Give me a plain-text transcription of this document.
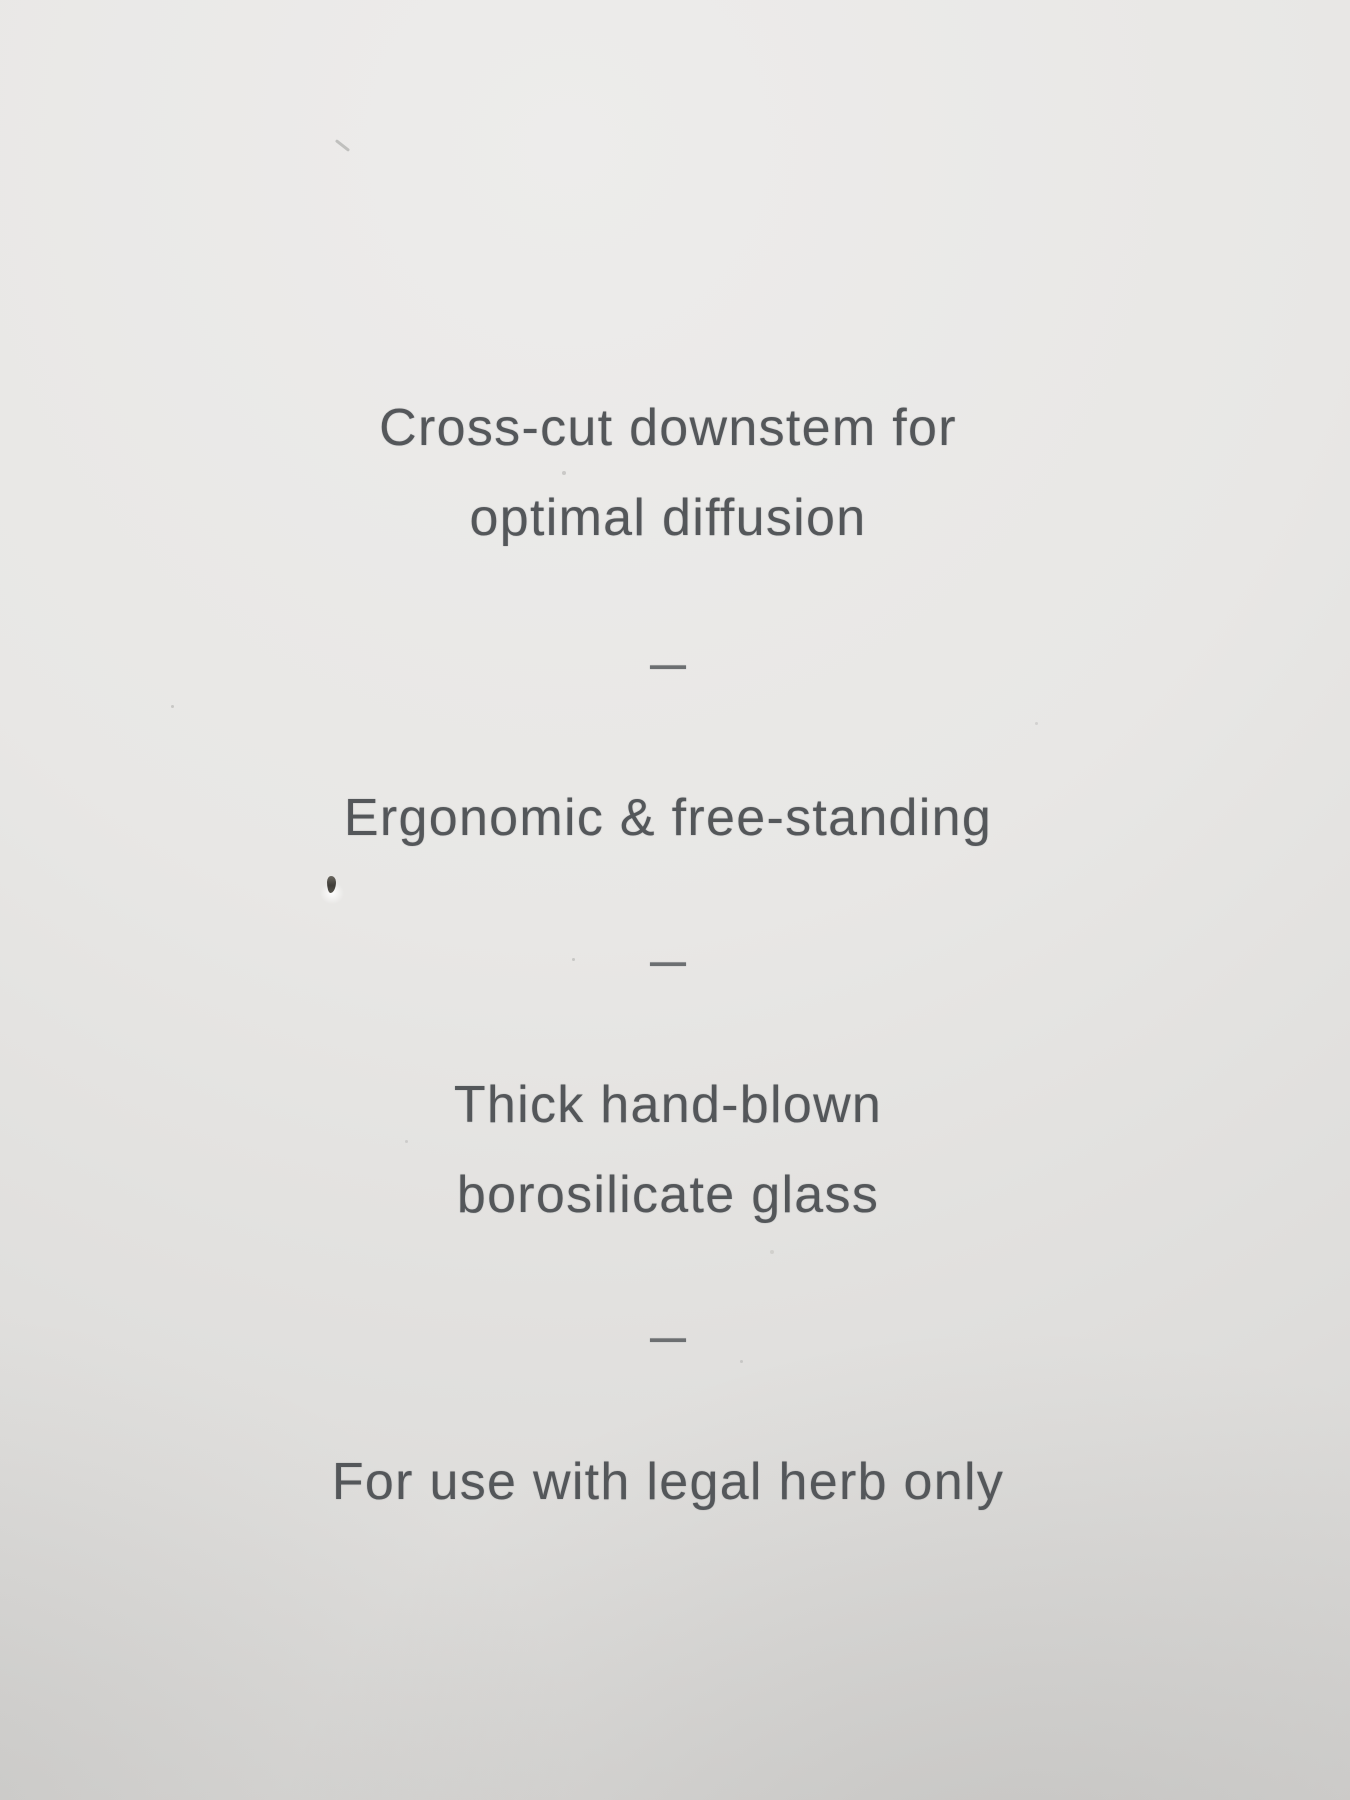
Cross-cut downstem for

optimal diffusion

—

Ergonomic & free-standing

—

Thick hand-blown

borosilicate glass

—

For use with legal herb only
